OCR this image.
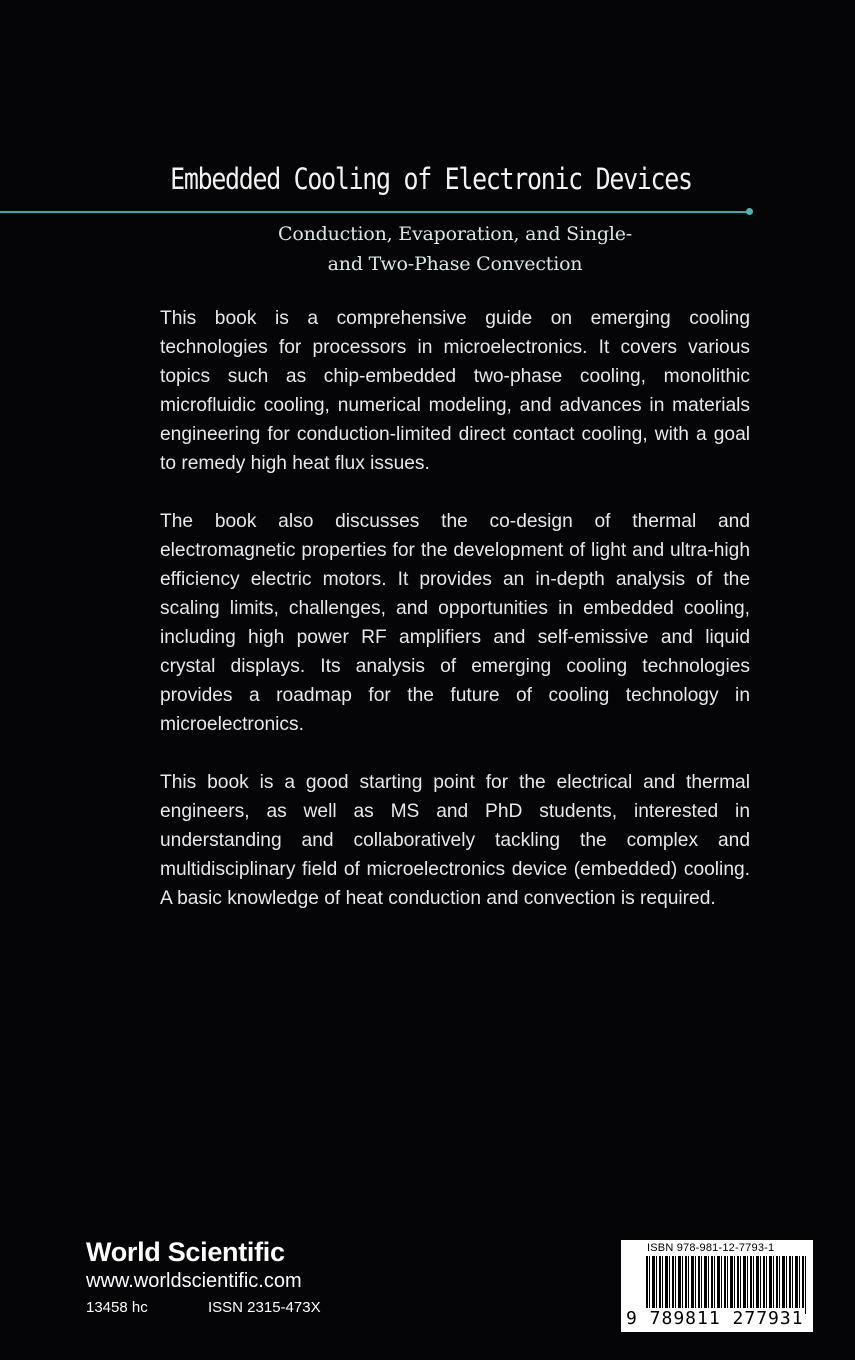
Embedded Cooling of Electronic Devices
Conduction, Evaporation, and Single-
and Two-Phase Convection

This book is a comprehensive guide on emerging cooling technologies for processors in microelectronics. It covers various topics such as chip-embedded two-phase cooling, monolithic microfluidic cooling, numerical modeling, and advances in materials engineering for conduction-limited direct contact cooling, with a goal to remedy high heat flux issues.

The book also discusses the co-design of thermal and electromagnetic properties for the development of light and ultra-high efficiency electric motors. It provides an in-depth analysis of the scaling limits, challenges, and opportunities in embedded cooling, including high power RF amplifiers and self-emissive and liquid crystal displays. Its analysis of emerging cooling technologies provides a roadmap for the future of cooling technology in microelectronics.

This book is a good starting point for the electrical and thermal engineers, as well as MS and PhD students, interested in understanding and collaboratively tackling the complex and multidisciplinary field of microelectronics device (embedded) cooling. A basic knowledge of heat conduction and convection is required.

World Scientific
www.worldscientific.com
13458 hc	ISSN 2315-473X
ISBN 978-981-12-7793-1
9 789811 277931
